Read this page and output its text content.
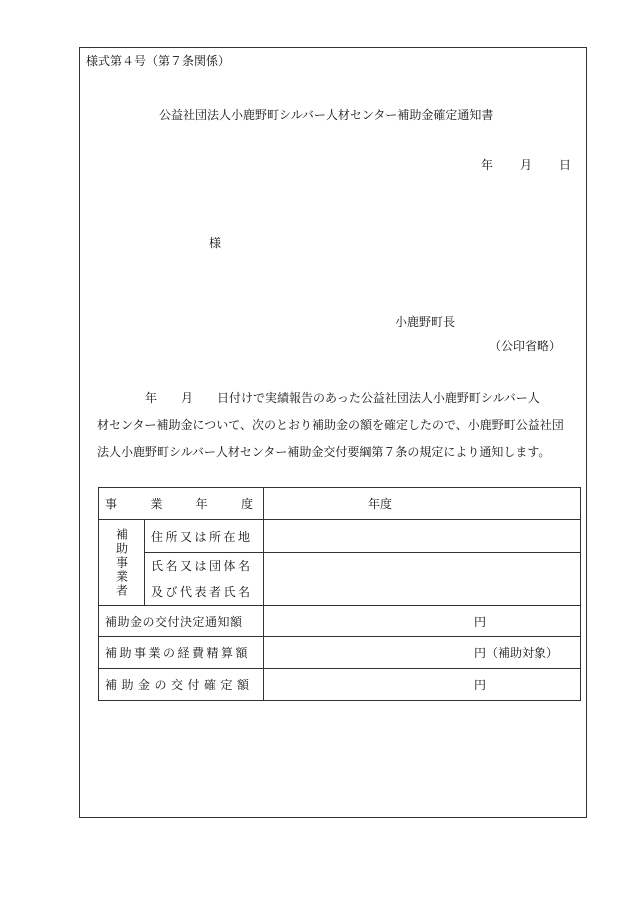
様式第４号（第７条関係）
公益社団法人小鹿野町シルバー人材センター補助金確定通知書
年 月 日
様
小鹿野町長
（公印省略）

　　　　年　　月　　日付けで実績報告のあった公益社団法人小鹿野町シルバー人

材センター補助金について、次のとおり補助金の額を確定したので、小鹿野町公益社団

法人小鹿野町シルバー人材センター補助金交付要綱第７条の規定により通知します。

事 業 年 度		年度

補助事業者	住所又は所在地	

	氏名又は団体名
及び代表者氏名	

補助金の交付決定通知額		円
補助事業の経費精算額		円（補助対象）
補助金の交付確定額		円
